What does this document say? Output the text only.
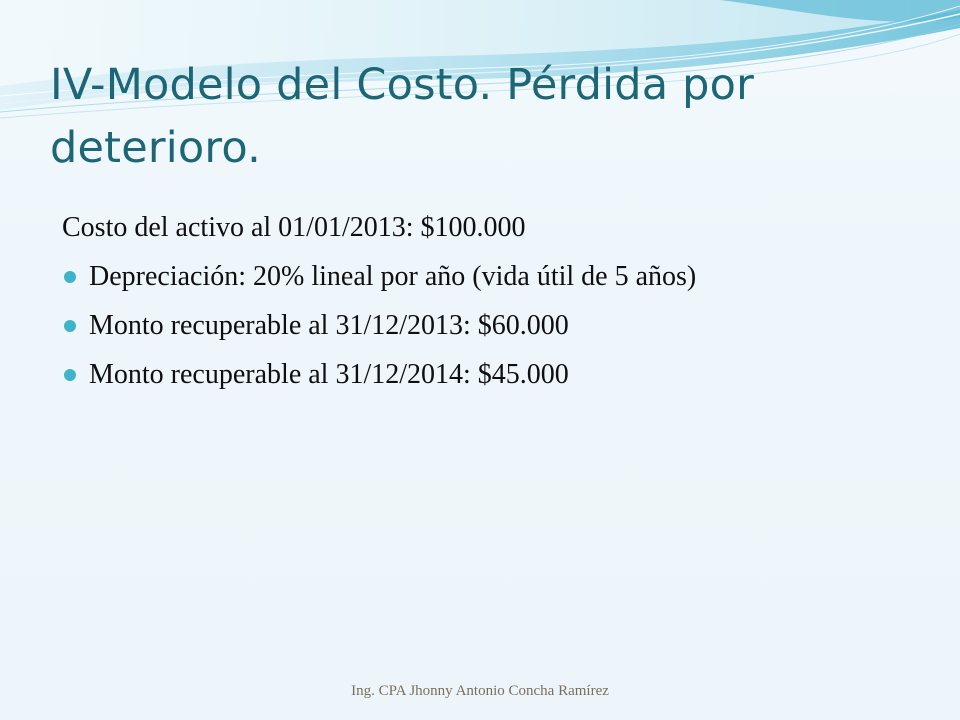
IV-Modelo del Costo. Pérdida por deterioro.
Costo del activo al 01/01/2013: $100.000
Depreciación: 20% lineal por año (vida útil de 5 años)
Monto recuperable al 31/12/2013: $60.000
Monto recuperable al 31/12/2014: $45.000
Ing. CPA Jhonny Antonio Concha Ramírez
